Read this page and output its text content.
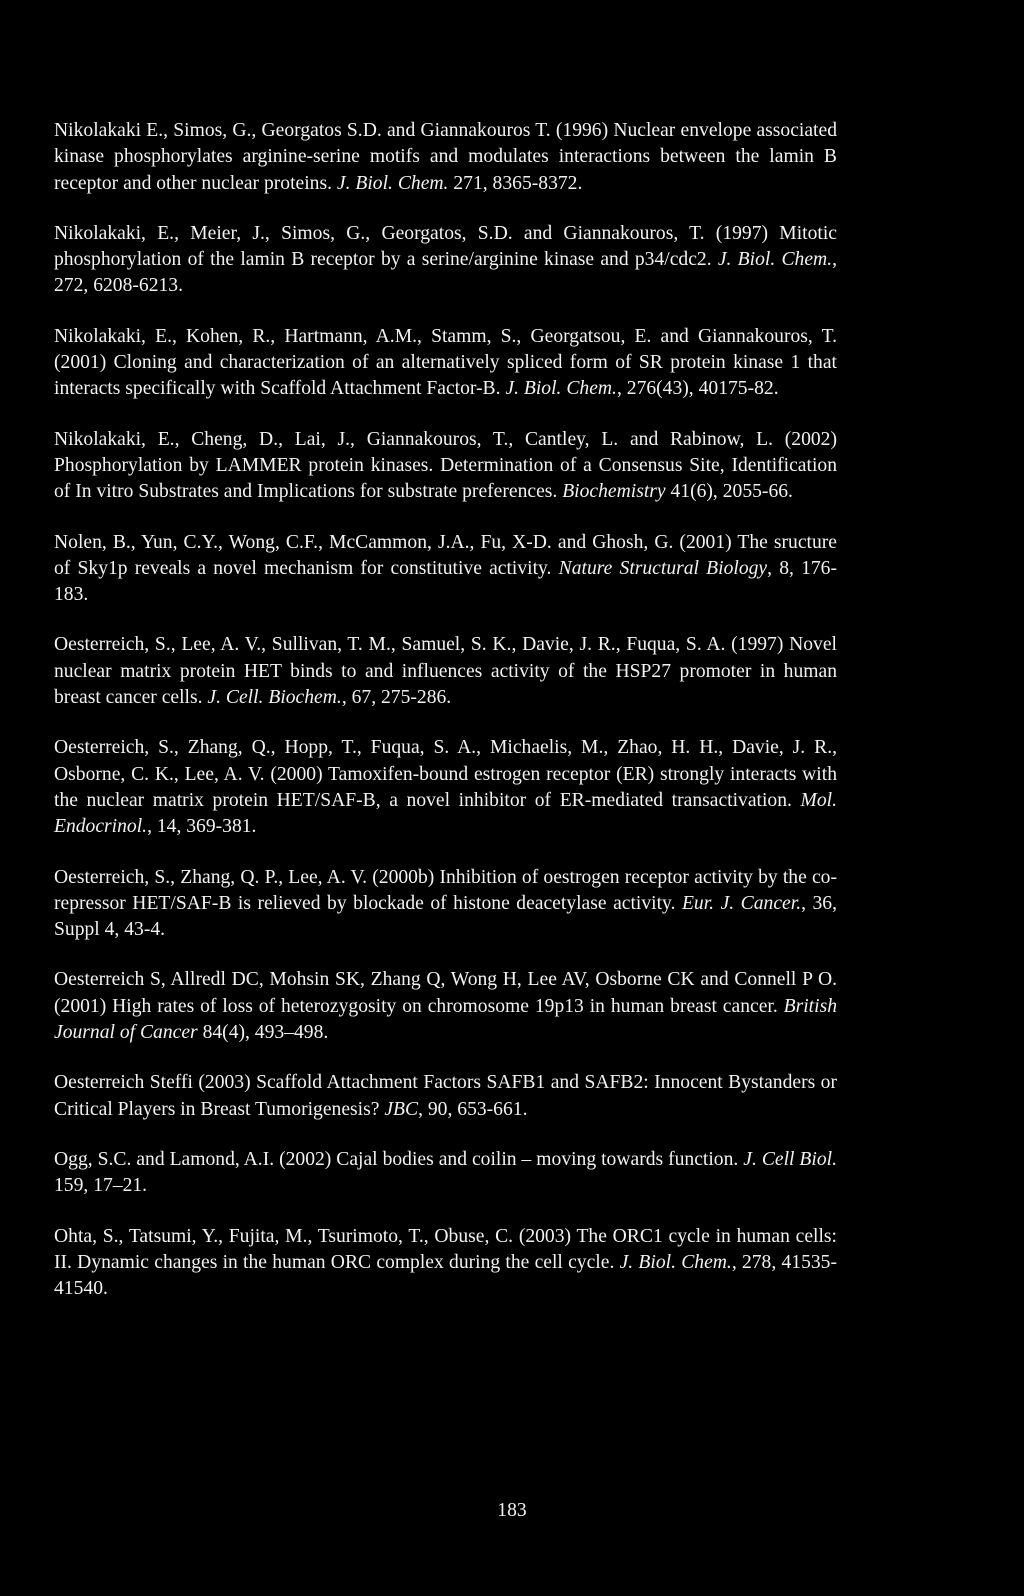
Nikolakaki E., Simos, G., Georgatos S.D. and Giannakouros T. (1996) Nuclear envelope associated kinase phosphorylates arginine-serine motifs and modulates interactions between the lamin B receptor and other nuclear proteins. J. Biol. Chem. 271, 8365-8372.

Nikolakaki, E., Meier, J., Simos, G., Georgatos, S.D. and Giannakouros, T. (1997) Mitotic phosphorylation of the lamin B receptor by a serine/arginine kinase and p34/cdc2. J. Biol. Chem., 272, 6208-6213.

Nikolakaki, E., Kohen, R., Hartmann, A.M., Stamm, S., Georgatsou, E. and Giannakouros, T. (2001) Cloning and characterization of an alternatively spliced form of SR protein kinase 1 that interacts specifically with Scaffold Attachment Factor-B. J. Biol. Chem., 276(43), 40175-82.

Nikolakaki, E., Cheng, D., Lai, J., Giannakouros, T., Cantley, L. and Rabinow, L. (2002) Phosphorylation by LAMMER protein kinases. Determination of a Consensus Site, Identification of In vitro Substrates and Implications for substrate preferences. Biochemistry 41(6), 2055-66.

Nolen, B., Yun, C.Y., Wong, C.F., McCammon, J.A., Fu, X-D. and Ghosh, G. (2001) The sructure of Sky1p reveals a novel mechanism for constitutive activity. Nature Structural Biology, 8, 176-183.

Oesterreich, S., Lee, A. V., Sullivan, T. M., Samuel, S. K., Davie, J. R., Fuqua, S. A. (1997) Novel nuclear matrix protein HET binds to and influences activity of the HSP27 promoter in human breast cancer cells. J. Cell. Biochem., 67, 275-286.

Oesterreich, S., Zhang, Q., Hopp, T., Fuqua, S. A., Michaelis, M., Zhao, H. H., Davie, J. R., Osborne, C. K., Lee, A. V. (2000) Tamoxifen-bound estrogen receptor (ER) strongly interacts with the nuclear matrix protein HET/SAF-B, a novel inhibitor of ER-mediated transactivation. Mol. Endocrinol., 14, 369-381.

Oesterreich, S., Zhang, Q. P., Lee, A. V. (2000b) Inhibition of oestrogen receptor activity by the co-repressor HET/SAF-B is relieved by blockade of histone deacetylase activity. Eur. J. Cancer., 36, Suppl 4, 43-4.

Oesterreich S, Allredl DC, Mohsin SK, Zhang Q, Wong H, Lee AV, Osborne CK and Connell P O. (2001) High rates of loss of heterozygosity on chromosome 19p13 in human breast cancer. British Journal of Cancer 84(4), 493–498.

Oesterreich Steffi (2003) Scaffold Attachment Factors SAFB1 and SAFB2: Innocent Bystanders or Critical Players in Breast Tumorigenesis? JBC, 90, 653-661.

Ogg, S.C. and Lamond, A.I. (2002) Cajal bodies and coilin – moving towards function. J. Cell Biol. 159, 17–21.

Ohta, S., Tatsumi, Y., Fujita, M., Tsurimoto, T., Obuse, C. (2003) The ORC1 cycle in human cells: II. Dynamic changes in the human ORC complex during the cell cycle. J. Biol. Chem., 278, 41535-41540.

183
